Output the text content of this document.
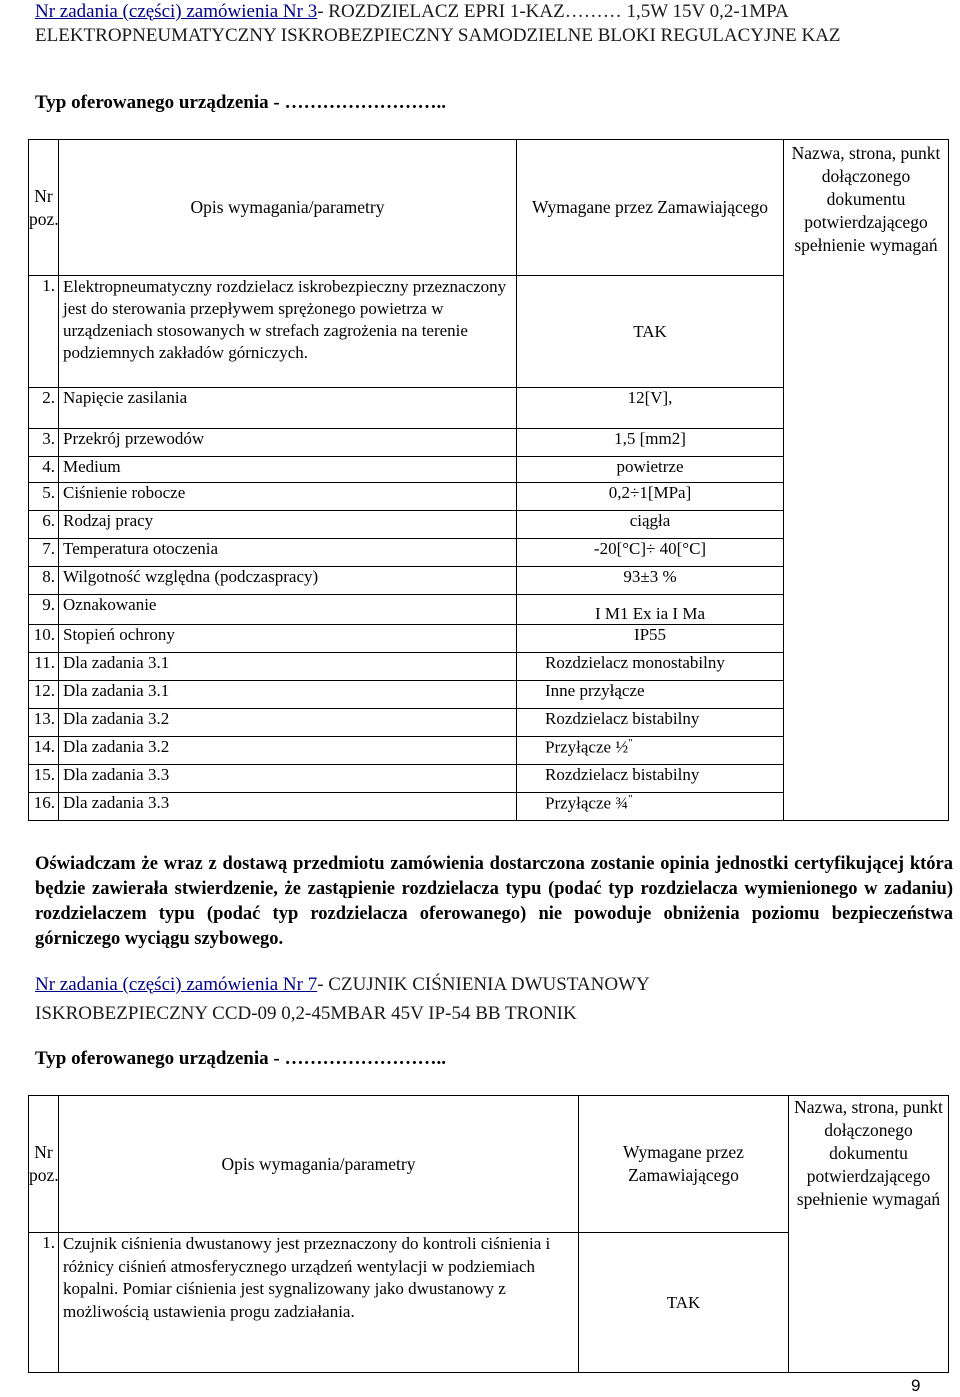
Nr zadania (części) zamówienia Nr 3- ROZDZIELACZ EPRI 1-KAZ……… 1,5W 15V 0,2-1MPA ELEKTROPNEUMATYCZNY ISKROBEZPIECZNY SAMODZIELNE BLOKI REGULACYJNE KAZ
Typ oferowanego urządzenia - ……………………..
Nr poz.	Opis wymagania/parametry	Wymagane przez Zamawiającego	Nazwa, strona, punkt dołączonego dokumentu potwierdzającego spełnienie wymagań
1.	Elektropneumatyczny rozdzielacz iskrobezpieczny przeznaczony jest do sterowania przepływem sprężonego powietrza w urządzeniach stosowanych w strefach zagrożenia na terenie podziemnych zakładów górniczych.	TAK	
2.	Napięcie zasilania	12[V],	
3.	Przekrój przewodów	1,5 [mm2]	
4.	Medium	powietrze	
5.	Ciśnienie robocze	0,2÷1[MPa]	
6.	Rodzaj pracy	ciągła	
7.	Temperatura otoczenia	-20[°C]÷ 40[°C]	
8.	Wilgotność względna (podczaspracy)	93±3 %	
9.	Oznakowanie	I M1 Ex ia I Ma	
10.	Stopień ochrony	IP55	
11.	Dla zadania 3.1	Rozdzielacz monostabilny	
12.	Dla zadania 3.1	Inne przyłącze	
13.	Dla zadania 3.2	Rozdzielacz bistabilny	
14.	Dla zadania 3.2	Przyłącze ½"
15.	Dla zadania 3.3	Rozdzielacz bistabilny	
16.	Dla zadania 3.3	Przyłącze ¾"
Oświadczam że wraz z dostawą przedmiotu zamówienia dostarczona zostanie opinia jednostki certyfikującej która będzie zawierała stwierdzenie, że zastąpienie rozdzielacza typu (podać typ rozdzielacza wymienionego w zadaniu) rozdzielaczem typu (podać typ rozdzielacza oferowanego) nie powoduje obniżenia poziomu bezpieczeństwa górniczego wyciągu szybowego.
Nr zadania (części) zamówienia Nr 7- CZUJNIK CIŚNIENIA DWUSTANOWY ISKROBEZPIECZNY CCD-09 0,2-45MBAR 45V IP-54 BB TRONIK
Typ oferowanego urządzenia - ……………………..
Nr poz.	Opis wymagania/parametry	Wymagane przez Zamawiającego	Nazwa, strona, punkt dołączonego dokumentu potwierdzającego spełnienie wymagań
1.	Czujnik ciśnienia dwustanowy jest przeznaczony do kontroli ciśnienia i różnicy ciśnień atmosferycznego urządzeń wentylacji w podziemiach kopalni. Pomiar ciśnienia jest sygnalizowany jako dwustanowy z możliwością ustawienia progu zadziałania.	TAK	
9
